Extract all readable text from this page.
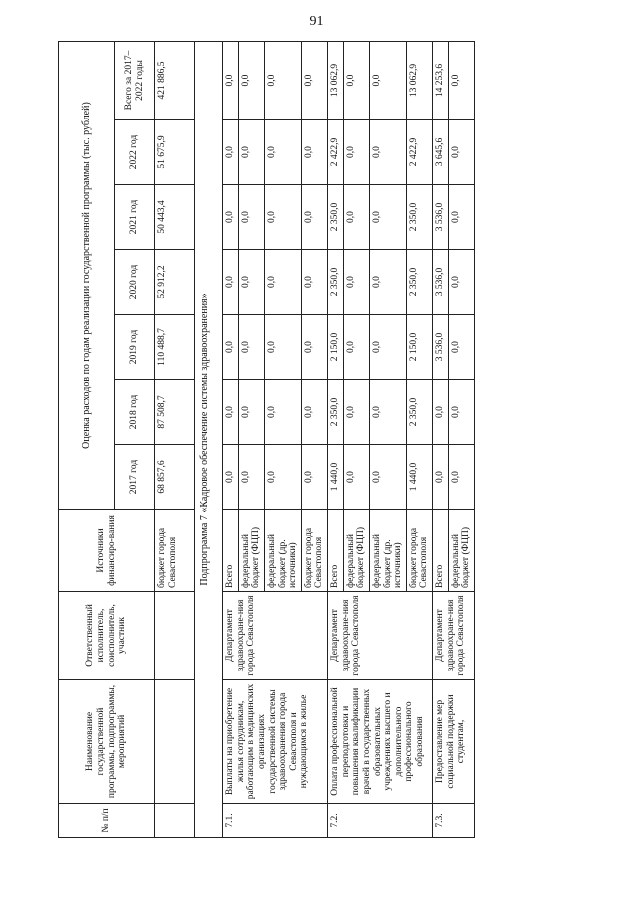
91
№ п/п	Наименование государственной программы, подпрограммы, мероприятий	Ответственный исполнитель, соисполнитель, участник	Источники финансиро-вания	Оценка расходов по годам реализации государственной программы (тыс. рублей)						
				2017 год	2018 год	2019 год	2020 год	2021 год	2022 год	Всего за 2017–2022 годы
			бюджет города Севастополя	68 857,6	87 508,7	110 488,7	52 912,2	50 443,4	51 675,9	421 886,5
Подпрограмма 7 «Кадровое обеспечение системы здравоохранения»										
7.1.	Выплаты на приобретение жилья сотрудникам, работающим в медицинских организациях государственной системы здравоохранения города Севастополя и нуждающимся в жилье	Департамент здравоохране-ния города Севастополя	Всего	0,0	0,0	0,0	0,0	0,0	0,0	0,0
			федеральный бюджет (ФЦП)	0,0	0,0	0,0	0,0	0,0	0,0	0,0
			федеральный бюджет (др. источники)	0,0	0,0	0,0	0,0	0,0	0,0	0,0
			бюджет города Севастополя	0,0	0,0	0,0	0,0	0,0	0,0	0,0
7.2.	Оплата профессиональной переподготовки и повышения квалификации врачей в государственных образовательных учреждениях высшего и дополнительного профессионального образования	Департамент здравоохране-ния города Севастополя	Всего	1 440,0	2 350,0	2 150,0	2 350,0	2 350,0	2 422,9	13 062,9
			федеральный бюджет (ФЦП)	0,0	0,0	0,0	0,0	0,0	0,0	0,0
			федеральный бюджет (др. источники)	0,0	0,0	0,0	0,0	0,0	0,0	0,0
			бюджет города Севастополя	1 440,0	2 350,0	2 150,0	2 350,0	2 350,0	2 422,9	13 062,9
7.3.	Предоставление мер социальной поддержки студентам,	Департамент здравоохране-ния города Севастополя	Всего	0,0	0,0	3 536,0	3 536,0	3 536,0	3 645,6	14 253,6
			федеральный бюджет (ФЦП)	0,0	0,0	0,0	0,0	0,0	0,0	0,0
